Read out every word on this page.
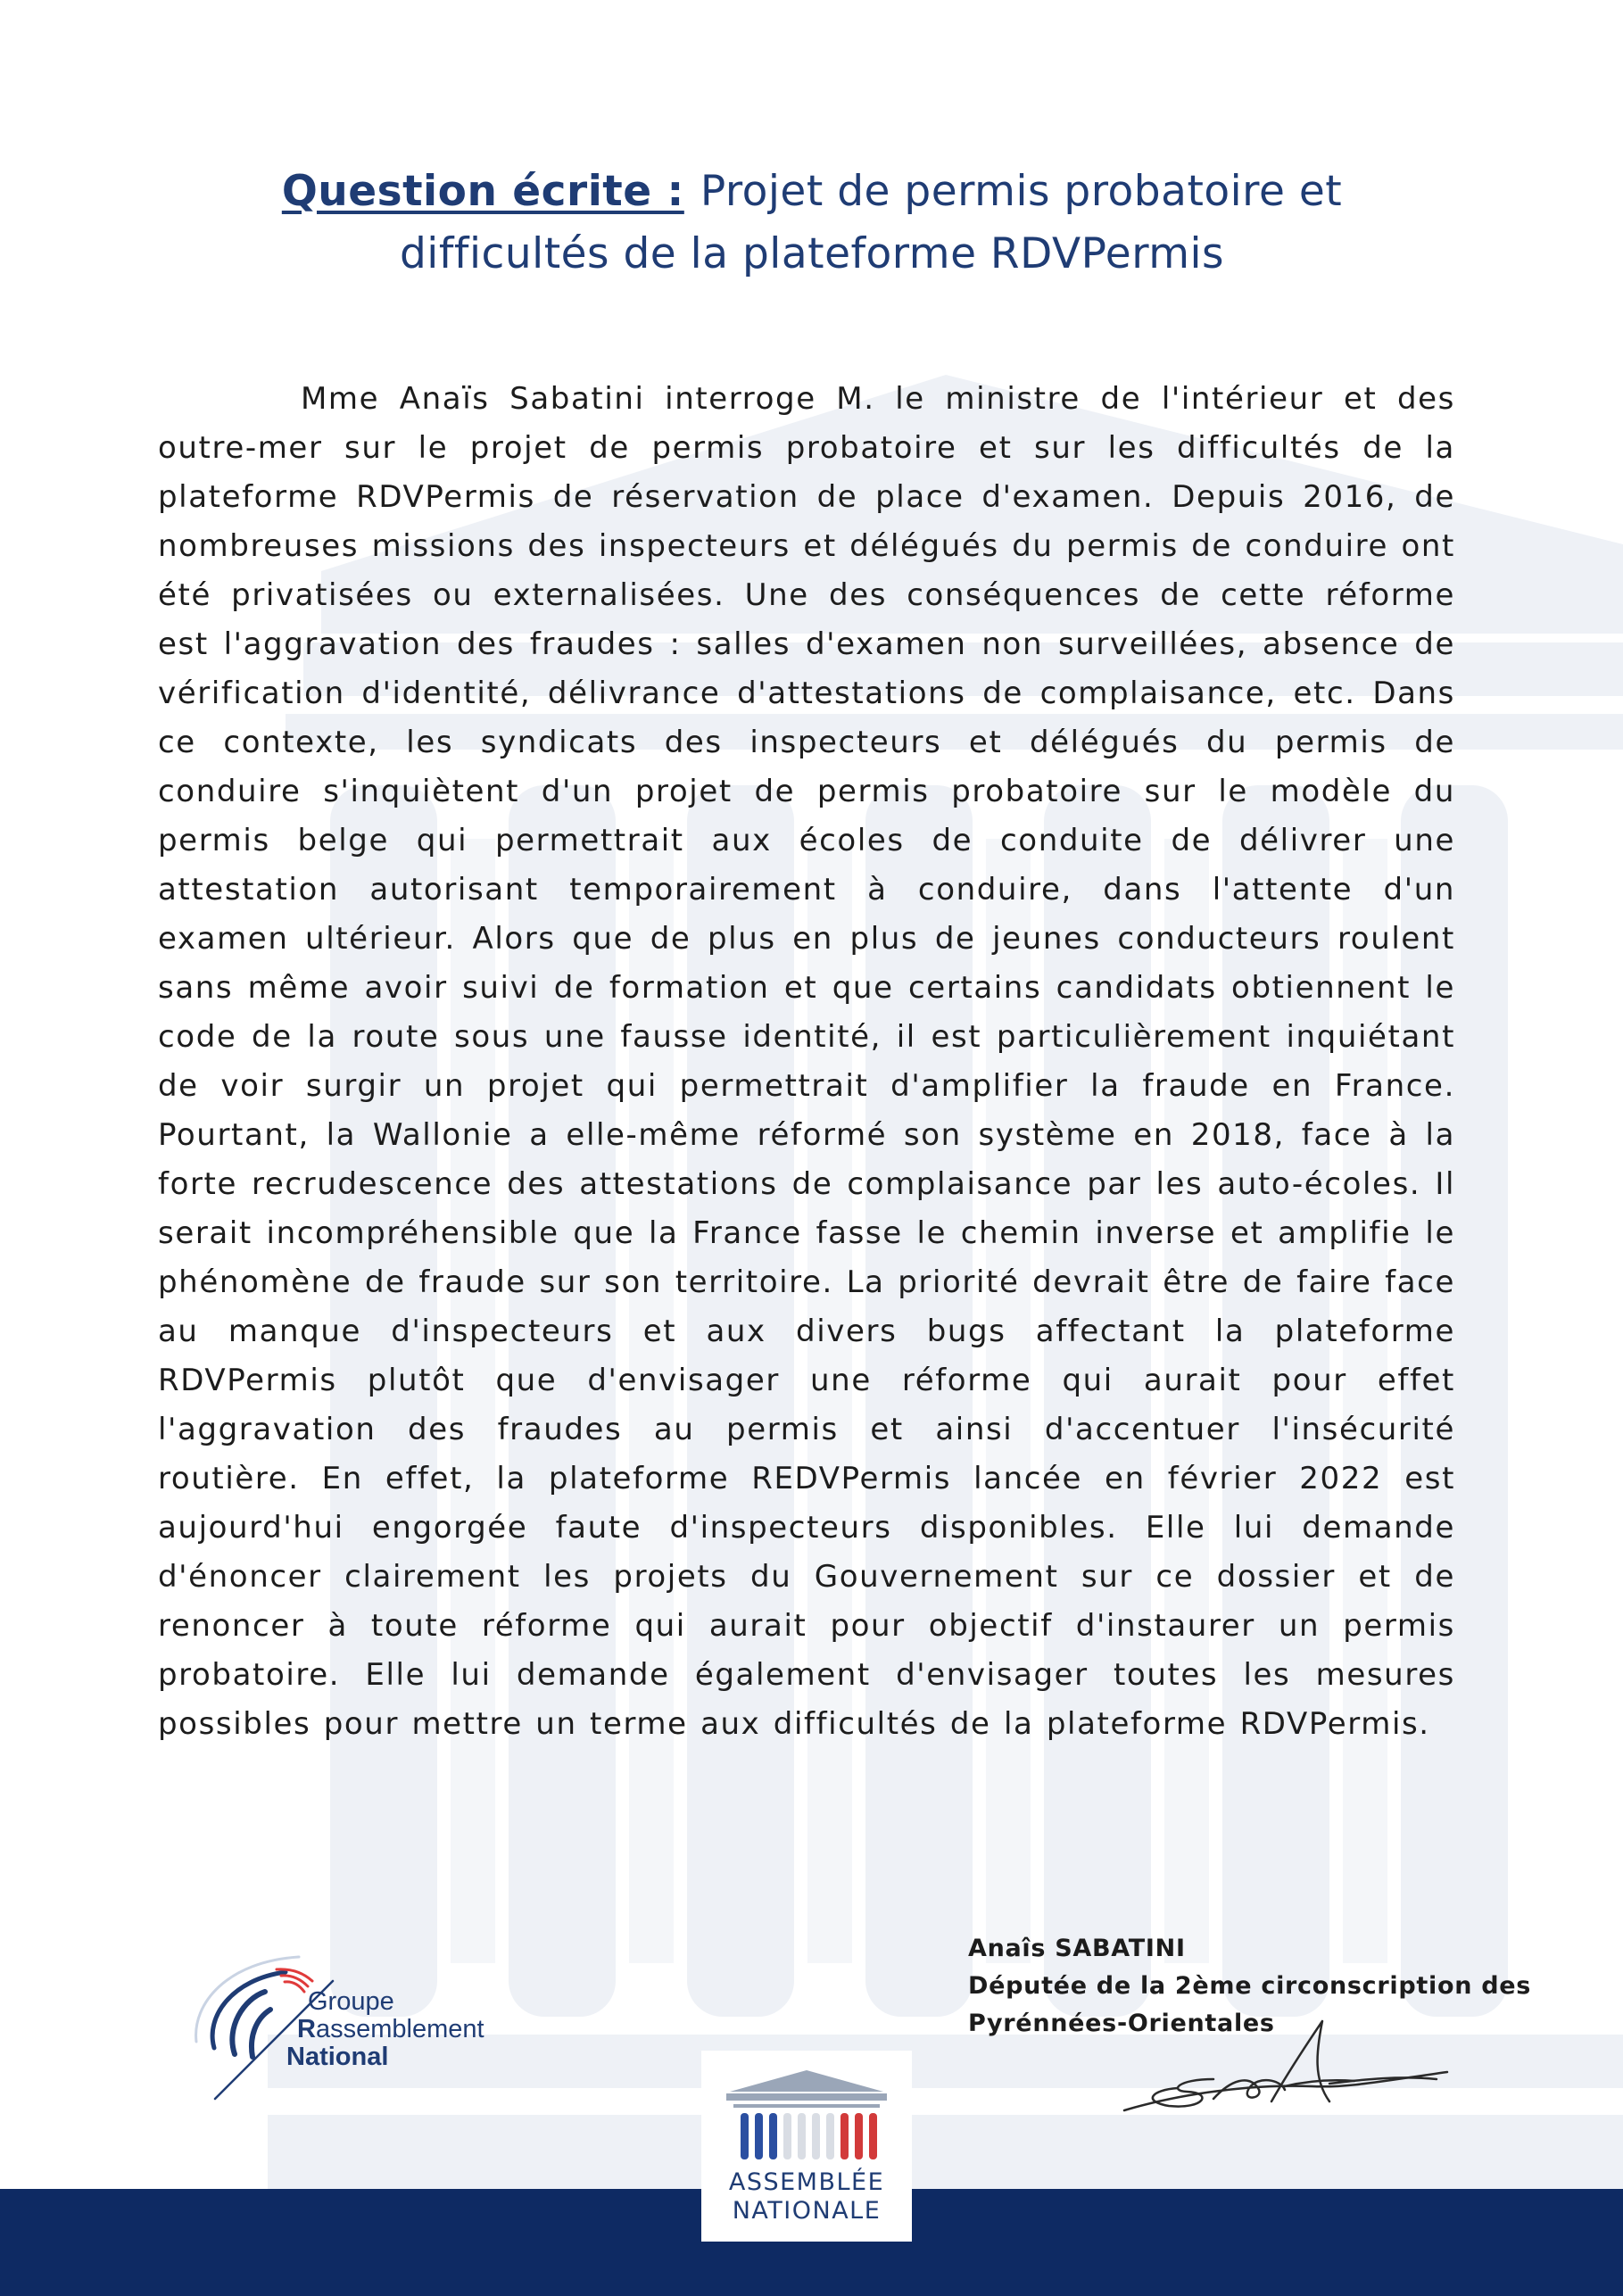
Question écrite : Projet de permis probatoire et
difficultés de la plateforme RDVPermis

Mme Anaïs Sabatini interroge M. le ministre de l'intérieur et des outre-mer sur le projet de permis probatoire et sur les difficultés de la plateforme RDVPermis de réservation de place d'examen. Depuis 2016, de nombreuses missions des inspecteurs et délégués du permis de conduire ont été privatisées ou externalisées. Une des conséquences de cette réforme est l'aggravation des fraudes : salles d'examen non surveillées, absence de vérification d'identité, délivrance d'attestations de complaisance, etc. Dans ce contexte, les syndicats des inspecteurs et délégués du permis de conduire s'inquiètent d'un projet de permis probatoire sur le modèle du permis belge qui permettrait aux écoles de conduite de délivrer une attestation autorisant temporairement à conduire, dans l'attente d'un examen ultérieur. Alors que de plus en plus de jeunes conducteurs roulent sans même avoir suivi de formation et que certains candidats obtiennent le code de la route sous une fausse identité, il est particulièrement inquiétant de voir surgir un projet qui permettrait d'amplifier la fraude en France. Pourtant, la Wallonie a elle-même réformé son système en 2018, face à la forte recrudescence des attestations de complaisance par les auto-écoles. Il serait incompréhensible que la France fasse le chemin inverse et amplifie le phénomène de fraude sur son territoire. La priorité devrait être de faire face au manque d'inspecteurs et aux divers bugs affectant la plateforme RDVPermis plutôt que d'envisager une réforme qui aurait pour effet l'aggravation des fraudes au permis et ainsi d'accentuer l'insécurité routière. En effet, la plateforme REDVPermis lancée en février 2022 est aujourd'hui engorgée faute d'inspecteurs disponibles. Elle lui demande d'énoncer clairement les projets du Gouvernement sur ce dossier et de renoncer à toute réforme qui aurait pour objectif d'instaurer un permis probatoire. Elle lui demande également d'envisager toutes les mesures possibles pour mettre un terme aux difficultés de la plateforme RDVPermis.

Anaîs SABATINI
Députée de la 2ème circonscription des
Pyrénnées-Orientales
Groupe
Rassemblement
National
ASSEMBLÉE
NATIONALE
